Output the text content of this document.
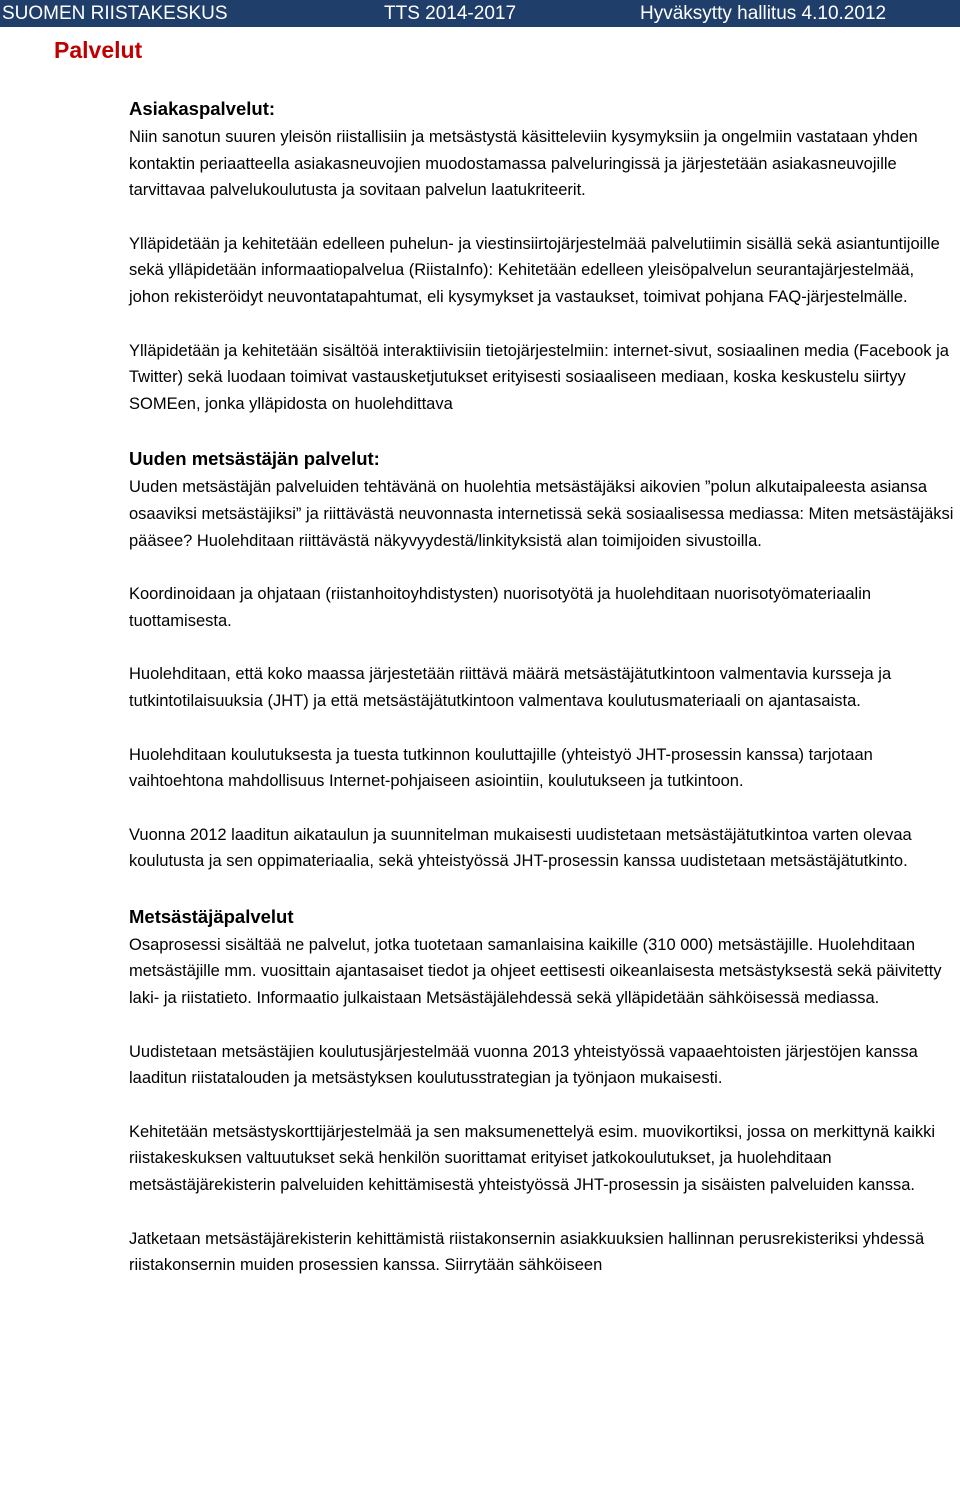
SUOMEN RIISTAKESKUS	TTS 2014-2017	Hyväksytty hallitus 4.10.2012
Palvelut
Asiakaspalvelut:

Niin sanotun suuren yleisön riistallisiin ja metsästystä käsitteleviin kysymyksiin ja ongelmiin vastataan yhden kontaktin periaatteella asiakasneuvojien muodostamassa palveluringissä ja järjestetään asiakasneuvojille tarvittavaa palvelukoulutusta ja sovitaan palvelun laatukriteerit.

Ylläpidetään ja kehitetään edelleen puhelun- ja viestinsiirtojärjestelmää palvelutiimin sisällä sekä asiantuntijoille sekä ylläpidetään informaatiopalvelua (RiistaInfo): Kehitetään edelleen yleisöpalvelun seurantajärjestelmää, johon rekisteröidyt neuvontatapahtumat, eli kysymykset ja vastaukset, toimivat pohjana FAQ-järjestelmälle.

Ylläpidetään ja kehitetään sisältöä interaktiivisiin tietojärjestelmiin: internet-sivut, sosiaalinen media (Facebook ja Twitter) sekä luodaan toimivat vastausketjutukset erityisesti sosiaaliseen mediaan, koska keskustelu siirtyy SOMEen, jonka ylläpidosta on huolehdittava

Uuden metsästäjän palvelut:

Uuden metsästäjän palveluiden tehtävänä on huolehtia metsästäjäksi aikovien ”polun alkutaipaleesta asiansa osaaviksi metsästäjiksi” ja riittävästä neuvonnasta internetissä sekä sosiaalisessa mediassa: Miten metsästäjäksi pääsee? Huolehditaan riittävästä näkyvyydestä/linkityksistä alan toimijoiden sivustoilla.

Koordinoidaan ja ohjataan (riistanhoitoyhdistysten) nuorisotyötä ja huolehditaan nuorisotyömateriaalin tuottamisesta.

Huolehditaan, että koko maassa järjestetään riittävä määrä metsästäjätutkintoon valmentavia kursseja ja tutkintotilaisuuksia (JHT) ja että metsästäjätutkintoon valmentava koulutusmateriaali on ajantasaista.

Huolehditaan koulutuksesta ja tuesta tutkinnon kouluttajille (yhteistyö JHT-prosessin kanssa) tarjotaan vaihtoehtona mahdollisuus Internet-pohjaiseen asiointiin, koulutukseen ja tutkintoon.

Vuonna 2012 laaditun aikataulun ja suunnitelman mukaisesti uudistetaan metsästäjätutkintoa varten olevaa koulutusta ja sen oppimateriaalia, sekä yhteistyössä JHT-prosessin kanssa uudistetaan metsästäjätutkinto.

Metsästäjäpalvelut

Osaprosessi sisältää ne palvelut, jotka tuotetaan samanlaisina kaikille (310 000) metsästäjille. Huolehditaan metsästäjille mm. vuosittain ajantasaiset tiedot ja ohjeet eettisesti oikeanlaisesta metsästyksestä sekä päivitetty laki- ja riistatieto. Informaatio julkaistaan Metsästäjälehdessä sekä ylläpidetään sähköisessä mediassa.

Uudistetaan metsästäjien koulutusjärjestelmää vuonna 2013 yhteistyössä vapaaehtoisten järjestöjen kanssa laaditun riistatalouden ja metsästyksen koulutusstrategian ja työnjaon mukaisesti.

Kehitetään metsästyskorttijärjestelmää ja sen maksumenettelyä esim. muovikortiksi, jossa on merkittynä kaikki riistakeskuksen valtuutukset sekä henkilön suorittamat erityiset jatkokoulutukset, ja huolehditaan metsästäjärekisterin palveluiden kehittämisestä yhteistyössä JHT-prosessin ja sisäisten palveluiden kanssa.

Jatketaan metsästäjärekisterin kehittämistä riistakonsernin asiakkuuksien hallinnan perusrekisteriksi yhdessä riistakonsernin muiden prosessien kanssa. Siirrytään sähköiseen
